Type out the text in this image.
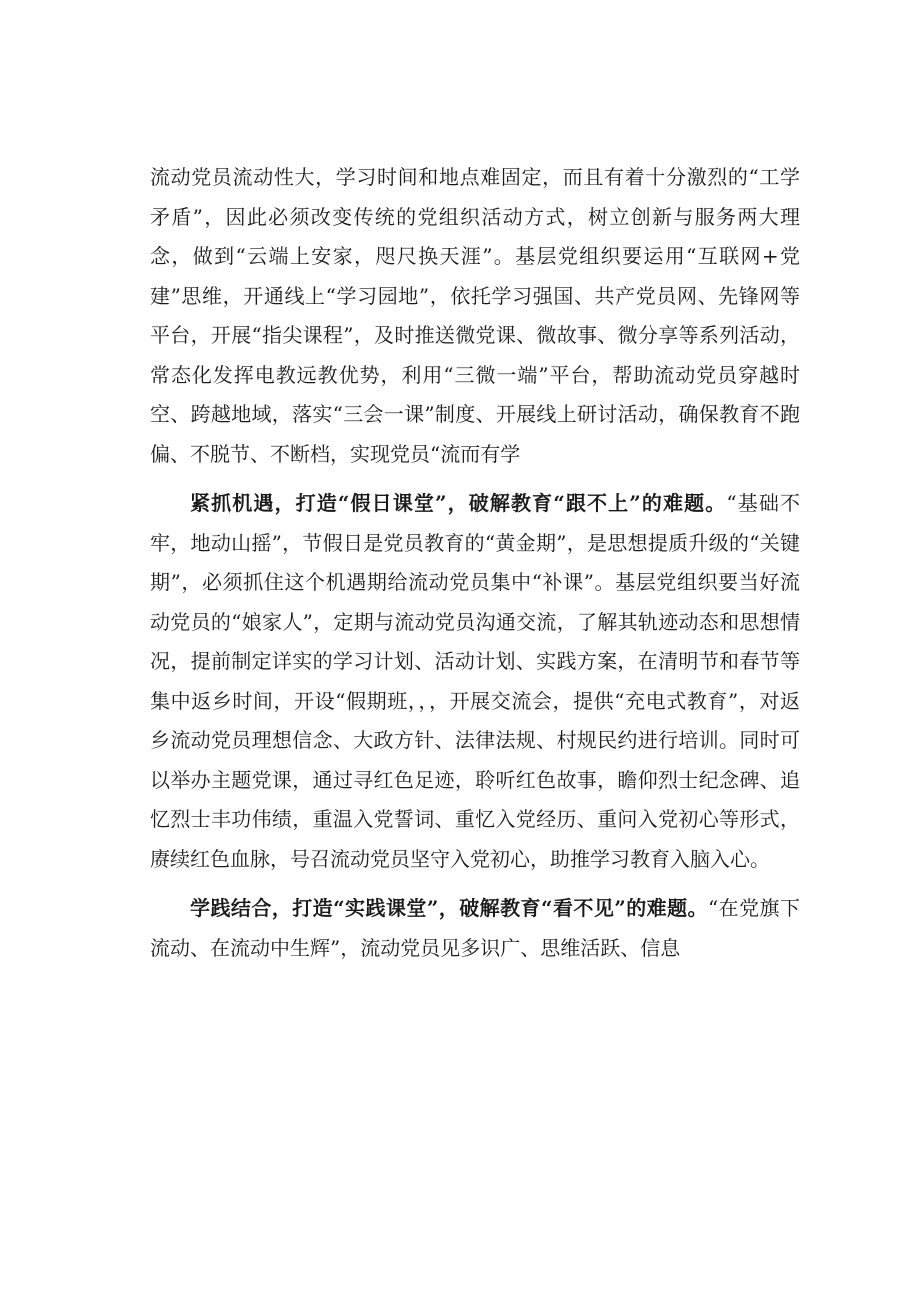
流动党员流动性大，学习时间和地点难固定，而且有着十分激烈的“工学矛盾”，因此必须改变传统的党组织活动方式，树立创新与服务两大理念，做到“云端上安家，咫尺换天涯”。基层党组织要运用“互联网+党建”思维，开通线上“学习园地”，依托学习强国、共产党员网、先锋网等平台，开展“指尖课程”，及时推送微党课、微故事、微分享等系列活动，常态化发挥电教远教优势，利用“三微一端”平台，帮助流动党员穿越时空、跨越地域，落实“三会一课”制度、开展线上研讨活动，确保教育不跑偏、不脱节、不断档，实现党员“流而有学

紧抓机遇，打造“假日课堂”，破解教育“跟不上”的难题。“基础不牢，地动山摇”，节假日是党员教育的“黄金期”，是思想提质升级的“关键期”，必须抓住这个机遇期给流动党员集中“补课”。基层党组织要当好流动党员的“娘家人”，定期与流动党员沟通交流，了解其轨迹动态和思想情况，提前制定详实的学习计划、活动计划、实践方案，在清明节和春节等集中返乡时间，开设“假期班，，，开展交流会，提供“充电式教育”，对返乡流动党员理想信念、大政方针、法律法规、村规民约进行培训。同时可以举办主题党课，通过寻红色足迹，聆听红色故事，瞻仰烈士纪念碑、追忆烈士丰功伟绩，重温入党誓词、重忆入党经历、重问入党初心等形式，赓续红色血脉，号召流动党员坚守入党初心，助推学习教育入脑入心。

学践结合，打造“实践课堂”，破解教育“看不见”的难题。“在党旗下流动、在流动中生辉”，流动党员见多识广、思维活跃、信息
